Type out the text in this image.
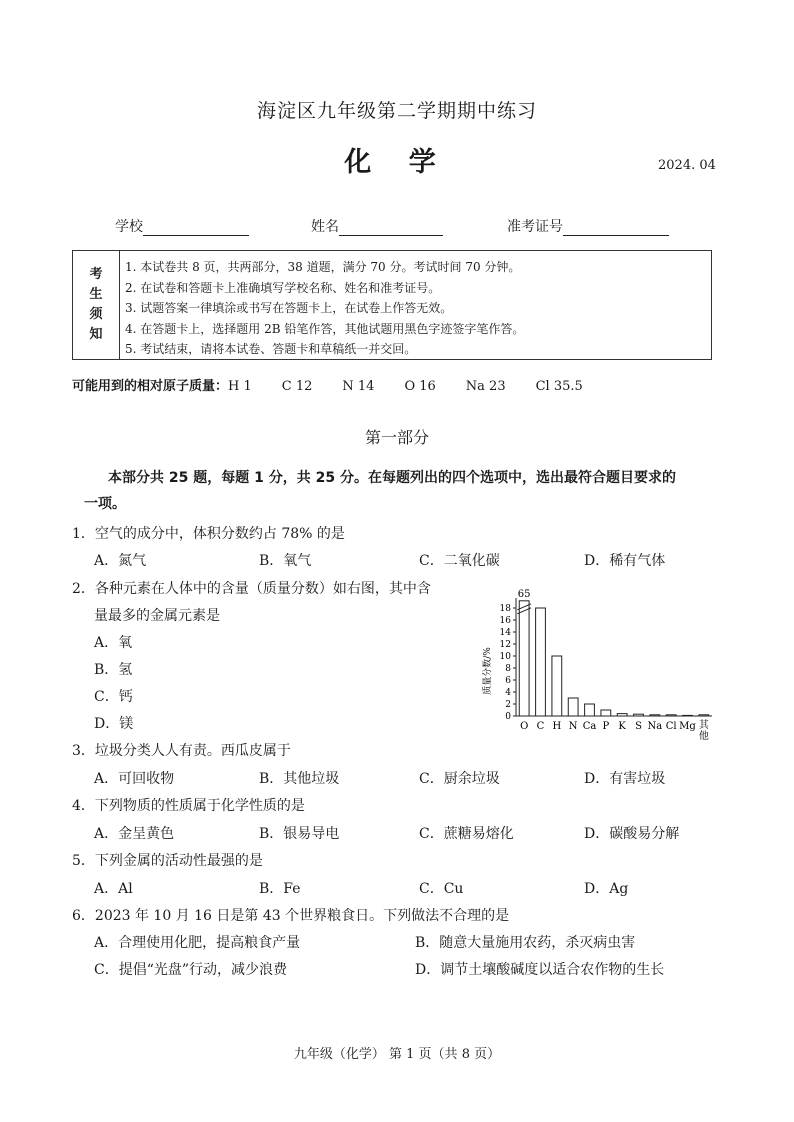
海淀区九年级第二学期期中练习
化 学	2024. 04
学校	姓名	准考证号
考
生
须
知
1. 本试卷共 8 页，共两部分，38 道题，满分 70 分。考试时间 70 分钟。
2. 在试卷和答题卡上准确填写学校名称、姓名和准考证号。
3. 试题答案一律填涂或书写在答题卡上，在试卷上作答无效。
4. 在答题卡上，选择题用 2B 铅笔作答，其他试题用黑色字迹签字笔作答。
5. 考试结束，请将本试卷、答题卡和草稿纸一并交回。
可能用到的相对原子质量：H 1 C 12 N 14 O 16 Na 23 Cl 35.5
第一部分
本部分共 25 题，每题 1 分，共 25 分。在每题列出的四个选项中，选出最符合题目要求的
一项。
1．空气的成分中，体积分数约占 78% 的是
A．氮气	B．氧气	C．二氧化碳	D．稀有气体
2．各种元素在人体中的含量（质量分数）如右图，其中含
量最多的金属元素是
A．氧
B．氢
C．钙
D．镁
质量分数/%
0
2
4
6
8
10
12
14
16
18
65
O C H N Ca P K S Na Cl Mg 其
他
3．垃圾分类人人有责。西瓜皮属于
A．可回收物	B．其他垃圾	C．厨余垃圾	D．有害垃圾
4．下列物质的性质属于化学性质的是
A．金呈黄色	B．银易导电	C．蔗糖易熔化	D．碳酸易分解
5．下列金属的活动性最强的是
A．Al	B．Fe	C．Cu	D．Ag
6．2023 年 10 月 16 日是第 43 个世界粮食日。下列做法不合理的是
A．合理使用化肥，提高粮食产量	B．随意大量施用农药，杀灭病虫害
C．提倡“光盘”行动，减少浪费	D．调节土壤酸碱度以适合农作物的生长
九年级（化学） 第 1 页（共 8 页）
